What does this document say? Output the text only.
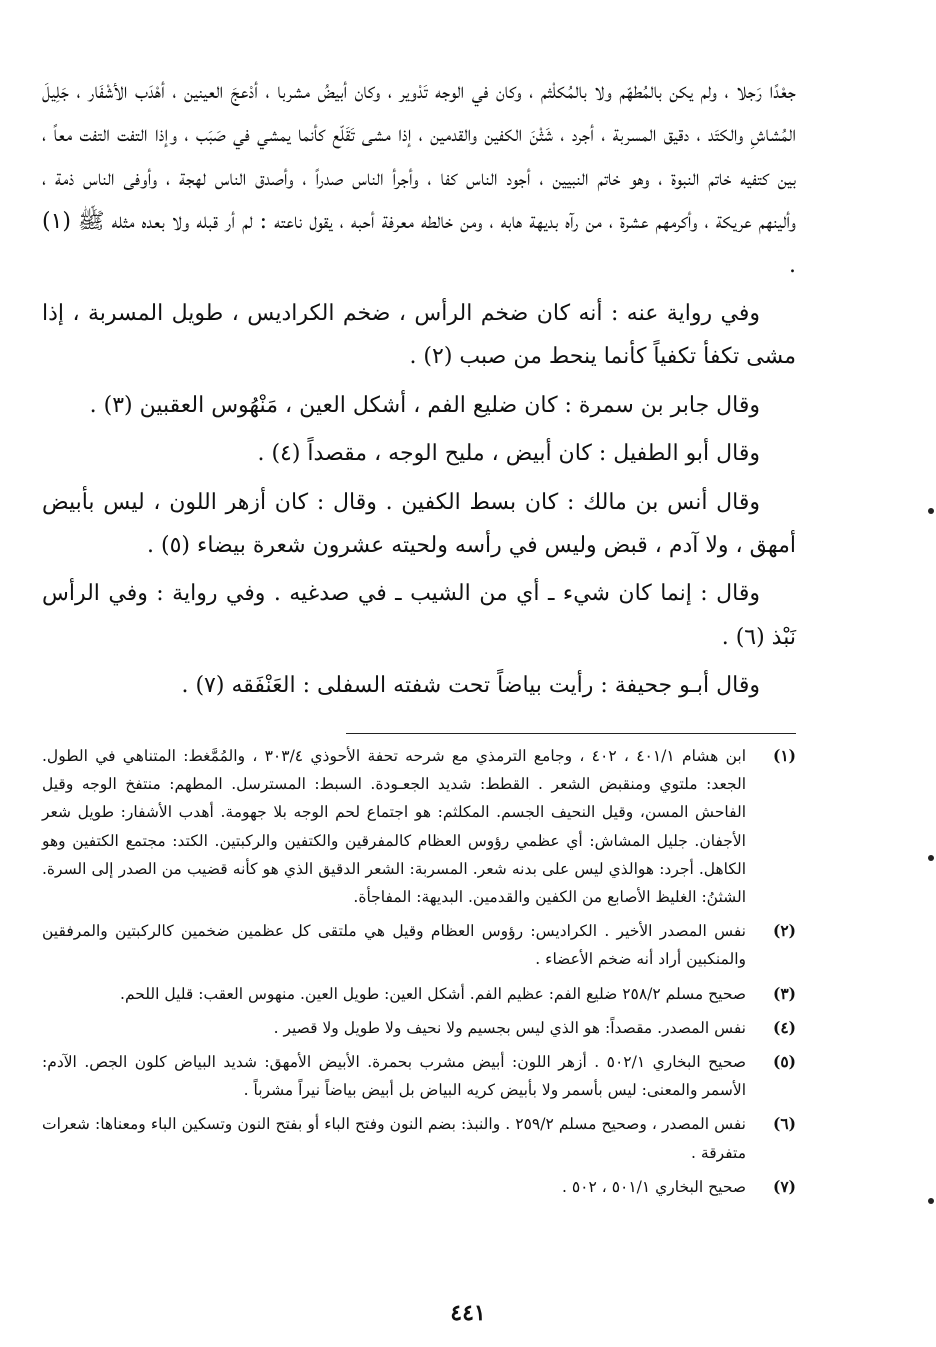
جعْدًا رَجلا ، ولم يكن بالمُطهّم ولا بالمُكلْثم ، وكان في الوجه تَدْوير ، وكان أبيضُ مشربا ، أدْعجَ العينين ، أهْدَب الأشْفَار ، جَلِيلَ المُشاشِ والكتَد ، دقيق المسربة ، أجرد ، شَثْنَ الكفين والقدمين ، إذا مشى تَقَلّع كأنما يمشي في صَبَب ، وإذا التفت التفت معاً ، بين كتفيه خاتم النبوة ، وهو خاتم النبيين ، أجود الناس كفا ، وأجرأ الناس صدراً ، وأصدق الناس لهجة ، وأوفى الناس ذمة ، وألينهم عريكة ، وأكرمهم عشرة ، من رآه بديهة هابه ، ومن خالطه معرفة أحبه ، يقول ناعته : لم أر قبله ولا بعده مثله ﷺ (١) .

وفي رواية عنه : أنه كان ضخم الرأس ، ضخم الكراديس ، طويل المسربة ، إذا مشى تكفأ تكفياً كأنما ينحط من صبب (٢) .

وقال جابر بن سمرة : كان ضليع الفم ، أشكل العين ، مَنْهُوس العقبين (٣) .

وقال أبو الطفيل : كان أبيض ، مليح الوجه ، مقصداً (٤) .

وقال أنس بن مالك : كان بسط الكفين . وقال : كان أزهر اللون ، ليس بأبيض أمهق ، ولا آدم ، قبض وليس في رأسه ولحيته عشرون شعرة بيضاء (٥) .

وقال : إنما كان شيء ـ أي من الشيب ـ في صدغيه . وفي رواية : وفي الرأس نَبْذ (٦) .

وقال أبـو جحيفة : رأيت بياضاً تحت شفته السفلى : العَنْفَقه (٧) .

(١)
ابن هشام ٤٠١/١ ، ٤٠٢ ، وجامع الترمذي مع شرحه تحفة الأحوذي ٣٠٣/٤ ، والمُمَّغط: المتناهي في الطول. الجعد: ملتوي ومنقبض الشعر . القطط: شديد الجعـودة. السبط: المسترسل. المطهم: منتفخ الوجه وقيل الفاحش المسن، وقيل النحيف الجسم. المكلثم: هو اجتماع لحم الوجه بلا جهومة. أهدب الأشفار: طويل شعر الأجفان. جليل المشاش: أي عظمي رؤوس العظام كالمفرقين والكتفين والركبتين. الكتد: مجتمع الكتفين وهو الكاهل. أجرد: هوالذي ليس على بدنه شعر. المسربة: الشعر الدقيق الذي هو كأنه قضيب من الصدر إلى السرة. الشثنُ: الغليظ الأصابع من الكفين والقدمين. البديهة: المفاجأة.
(٢)
نفس المصدر الأخير . الكراديس: رؤوس العظام وقيل هي ملتقى كل عظمين ضخمين كالركبتين والمرفقين والمنكبين أراد أنه ضخم الأعضاء .
(٣)
صحيح مسلم ٢٥٨/٢ ضليع الفم: عظيم الفم. أشكل العين: طويل العين. منهوس العقب: قليل اللحم.
(٤)
نفس المصدر. مقصداً: هو الذي ليس بجسيم ولا نحيف ولا طويل ولا قصير .
(٥)
صحيح البخاري ٥٠٢/١ . أزهر اللون: أبيض مشرب بحمرة. الأبيض الأمهق: شديد البياض كلون الجص. الآدم: الأسمر والمعنى: ليس بأسمر ولا بأبيض كريه البياض بل أبيض بياضاً نيراً مشرباً .
(٦)
نفس المصدر ، وصحيح مسلم ٢٥٩/٢ . والنبذ: بضم النون وفتح الباء أو بفتح النون وتسكين الباء ومعناها: شعرات متفرقة .
(٧)
صحيح البخاري ٥٠١/١ ، ٥٠٢ .
٤٤١
